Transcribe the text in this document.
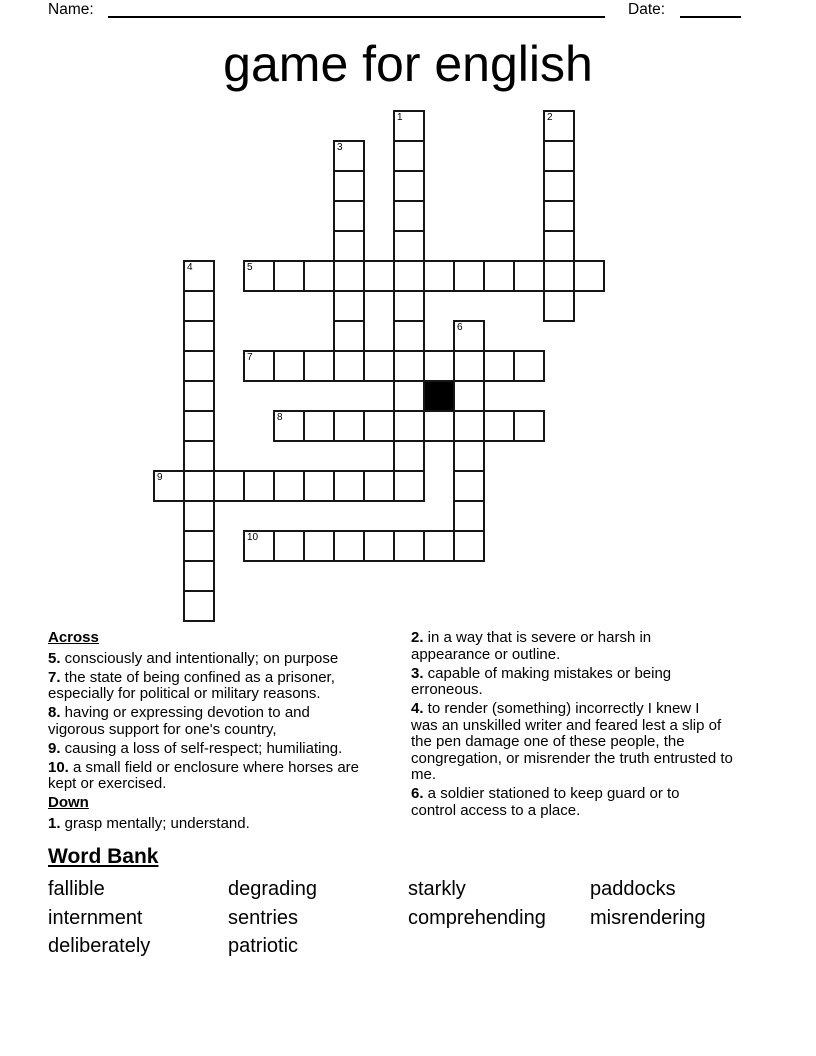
Name:	Date:
game for english
1	2
3
4	5
6
7
8
9
10
Across

5. consciously and intentionally; on purpose

7. the state of being confined as a prisoner,
especially for political or military reasons.

8. having or expressing devotion to and
vigorous support for one's country,

9. causing a loss of self-respect; humiliating.

10. a small field or enclosure where horses are
kept or exercised.

Down

1. grasp mentally; understand.

2. in a way that is severe or harsh in
appearance or outline.

3. capable of making mistakes or being
erroneous.

4. to render (something) incorrectly I knew I
was an unskilled writer and feared lest a slip of
the pen damage one of these people, the
congregation, or misrender the truth entrusted to
me.

6. a soldier stationed to keep guard or to
control access to a place.

Word Bank
fallible	degrading	starkly	paddocks
internment	sentries	comprehending	misrendering
deliberately	patriotic
